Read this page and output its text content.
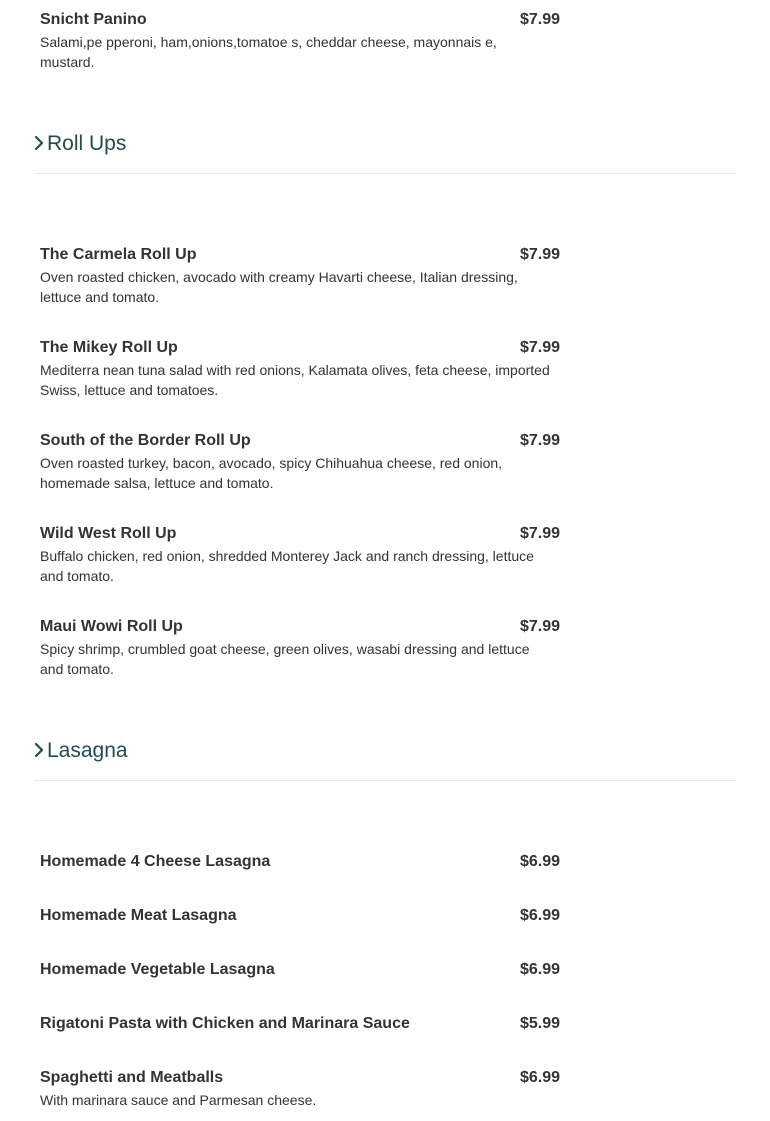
Snicht Panino	$7.99
Salami,pe pperoni, ham,onions,tomatoe s, cheddar cheese, mayonnais e, mustard.
Roll Ups
The Carmela Roll Up	$7.99
Oven roasted chicken, avocado with creamy Havarti cheese, Italian dressing, lettuce and tomato.
The Mikey Roll Up	$7.99
Mediterra nean tuna salad with red onions, Kalamata olives, feta cheese, imported Swiss, lettuce and tomatoes.
South of the Border Roll Up	$7.99
Oven roasted turkey, bacon, avocado, spicy Chihuahua cheese, red onion, homemade salsa, lettuce and tomato.
Wild West Roll Up	$7.99
Buffalo chicken, red onion, shredded Monterey Jack and ranch dressing, lettuce and tomato.
Maui Wowi Roll Up	$7.99
Spicy shrimp, crumbled goat cheese, green olives, wasabi dressing and lettuce and tomato.
Lasagna
Homemade 4 Cheese Lasagna	$6.99
Homemade Meat Lasagna	$6.99
Homemade Vegetable Lasagna	$6.99
Rigatoni Pasta with Chicken and Marinara Sauce	$5.99
Spaghetti and Meatballs	$6.99
With marinara sauce and Parmesan cheese.
